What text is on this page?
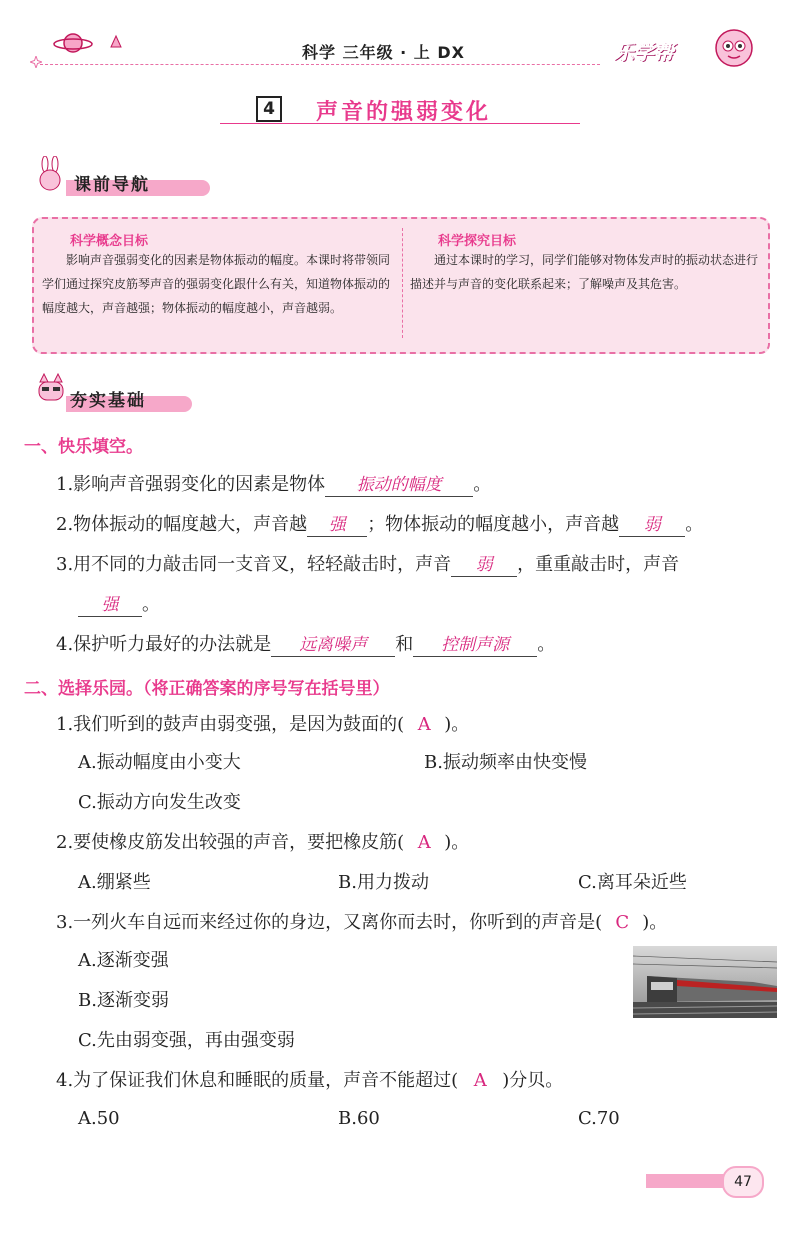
科学 三年级 · 上 DX	乐学帮
4	声音的强弱变化
课前导航
科学概念目标
影响声音强弱变化的因素是物体振动的幅度。本课时将带领同学们通过探究皮筋琴声音的强弱变化跟什么有关，知道物体振动的幅度越大，声音越强；物体振动的幅度越小，声音越弱。
科学探究目标
通过本课时的学习，同学们能够对物体发声时的振动状态进行描述并与声音的变化联系起来；了解噪声及其危害。
夯实基础
一、快乐填空。
1.影响声音强弱变化的因素是物体 振动的幅度 。
2.物体振动的幅度越大，声音越 强 ；物体振动的幅度越小，声音越 弱 。
3.用不同的力敲击同一支音叉，轻轻敲击时，声音 弱 ，重重敲击时，声音
强 。
4.保护听力最好的办法就是 远离噪声 和 控制声源 。
二、选择乐园。（将正确答案的序号写在括号里）
1.我们听到的鼓声由弱变强，是因为鼓面的( A )。
A.振动幅度由小变大	B.振动频率由快变慢
C.振动方向发生改变
2.要使橡皮筋发出较强的声音，要把橡皮筋( A )。
A.绷紧些	B.用力拨动	C.离耳朵近些
3.一列火车自远而来经过你的身边，又离你而去时，你听到的声音是( C )。
A.逐渐变强
B.逐渐变弱
C.先由弱变强，再由强变弱
4.为了保证我们休息和睡眠的质量，声音不能超过( A )分贝。
A.50	B.60	C.70
47
